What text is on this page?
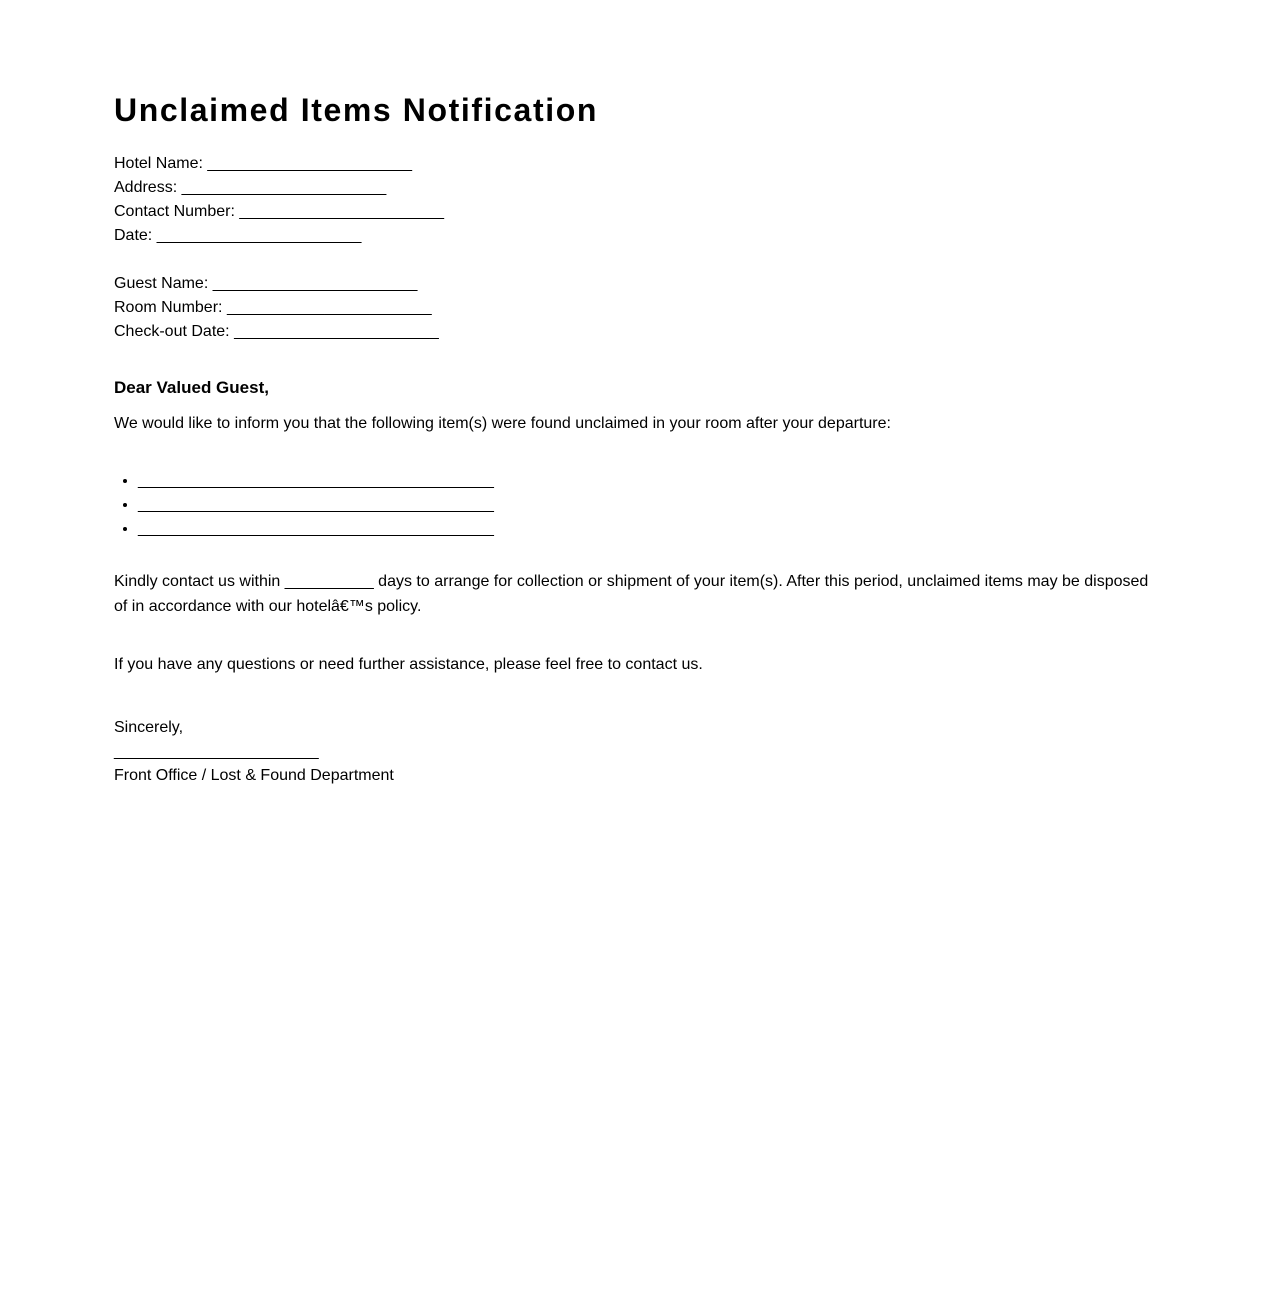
Unclaimed Items Notification
Hotel Name: _______________________
Address: _______________________
Contact Number: _______________________
Date: _______________________
Guest Name: _______________________
Room Number: _______________________
Check-out Date: _______________________
Dear Valued Guest,

We would like to inform you that the following item(s) were found unclaimed in your room after your departure:

• ________________________________________
• ________________________________________
• ________________________________________

Kindly contact us within __________ days to arrange for collection or shipment of your item(s). After this period, unclaimed items may be disposed of in accordance with our hotelâ€™s policy.

If you have any questions or need further assistance, please feel free to contact us.

Sincerely,
_______________________
Front Office / Lost & Found Department
